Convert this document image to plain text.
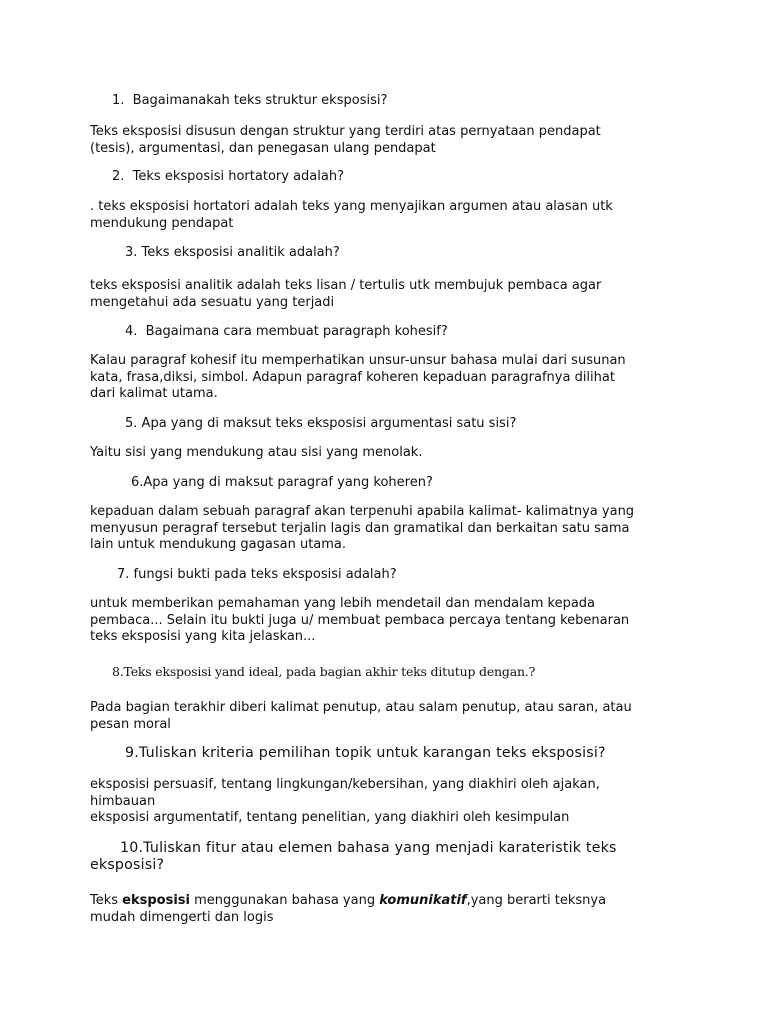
1. Bagaimanakah teks struktur eksposisi?

Teks eksposisi disusun dengan struktur yang terdiri atas pernyataan pendapat
(tesis), argumentasi, dan penegasan ulang pendapat

2. Teks eksposisi hortatory adalah?

. teks eksposisi hortatori adalah teks yang menyajikan argumen atau alasan utk
mendukung pendapat

3. Teks eksposisi analitik adalah?

teks eksposisi analitik adalah teks lisan / tertulis utk membujuk pembaca agar
mengetahui ada sesuatu yang terjadi

4. Bagaimana cara membuat paragraph kohesif?

Kalau paragraf kohesif itu memperhatikan unsur-unsur bahasa mulai dari susunan
kata, frasa,diksi, simbol. Adapun paragraf koheren kepaduan paragrafnya dilihat
dari kalimat utama.

5. Apa yang di maksut teks eksposisi argumentasi satu sisi?

Yaitu sisi yang mendukung atau sisi yang menolak.

6.Apa yang di maksut paragraf yang koheren?

kepaduan dalam sebuah paragraf akan terpenuhi apabila kalimat- kalimatnya yang
menyusun peragraf tersebut terjalin lagis dan gramatikal dan berkaitan satu sama
lain untuk mendukung gagasan utama.

7. fungsi bukti pada teks eksposisi adalah?

untuk memberikan pemahaman yang lebih mendetail dan mendalam kepada
pembaca... Selain itu bukti juga u/ membuat pembaca percaya tentang kebenaran
teks eksposisi yang kita jelaskan...

8.Teks eksposisi yand ideal, pada bagian akhir teks ditutup dengan.?

Pada bagian terakhir diberi kalimat penutup, atau salam penutup, atau saran, atau
pesan moral

9.Tuliskan kriteria pemilihan topik untuk karangan teks eksposisi?

eksposisi persuasif, tentang lingkungan/kebersihan, yang diakhiri oleh ajakan,
himbauan
eksposisi argumentatif, tentang penelitian, yang diakhiri oleh kesimpulan

10.Tuliskan fitur atau elemen bahasa yang menjadi karateristik teks
eksposisi?

Teks eksposisi menggunakan bahasa yang komunikatif,yang berarti teksnya
mudah dimengerti dan logis
